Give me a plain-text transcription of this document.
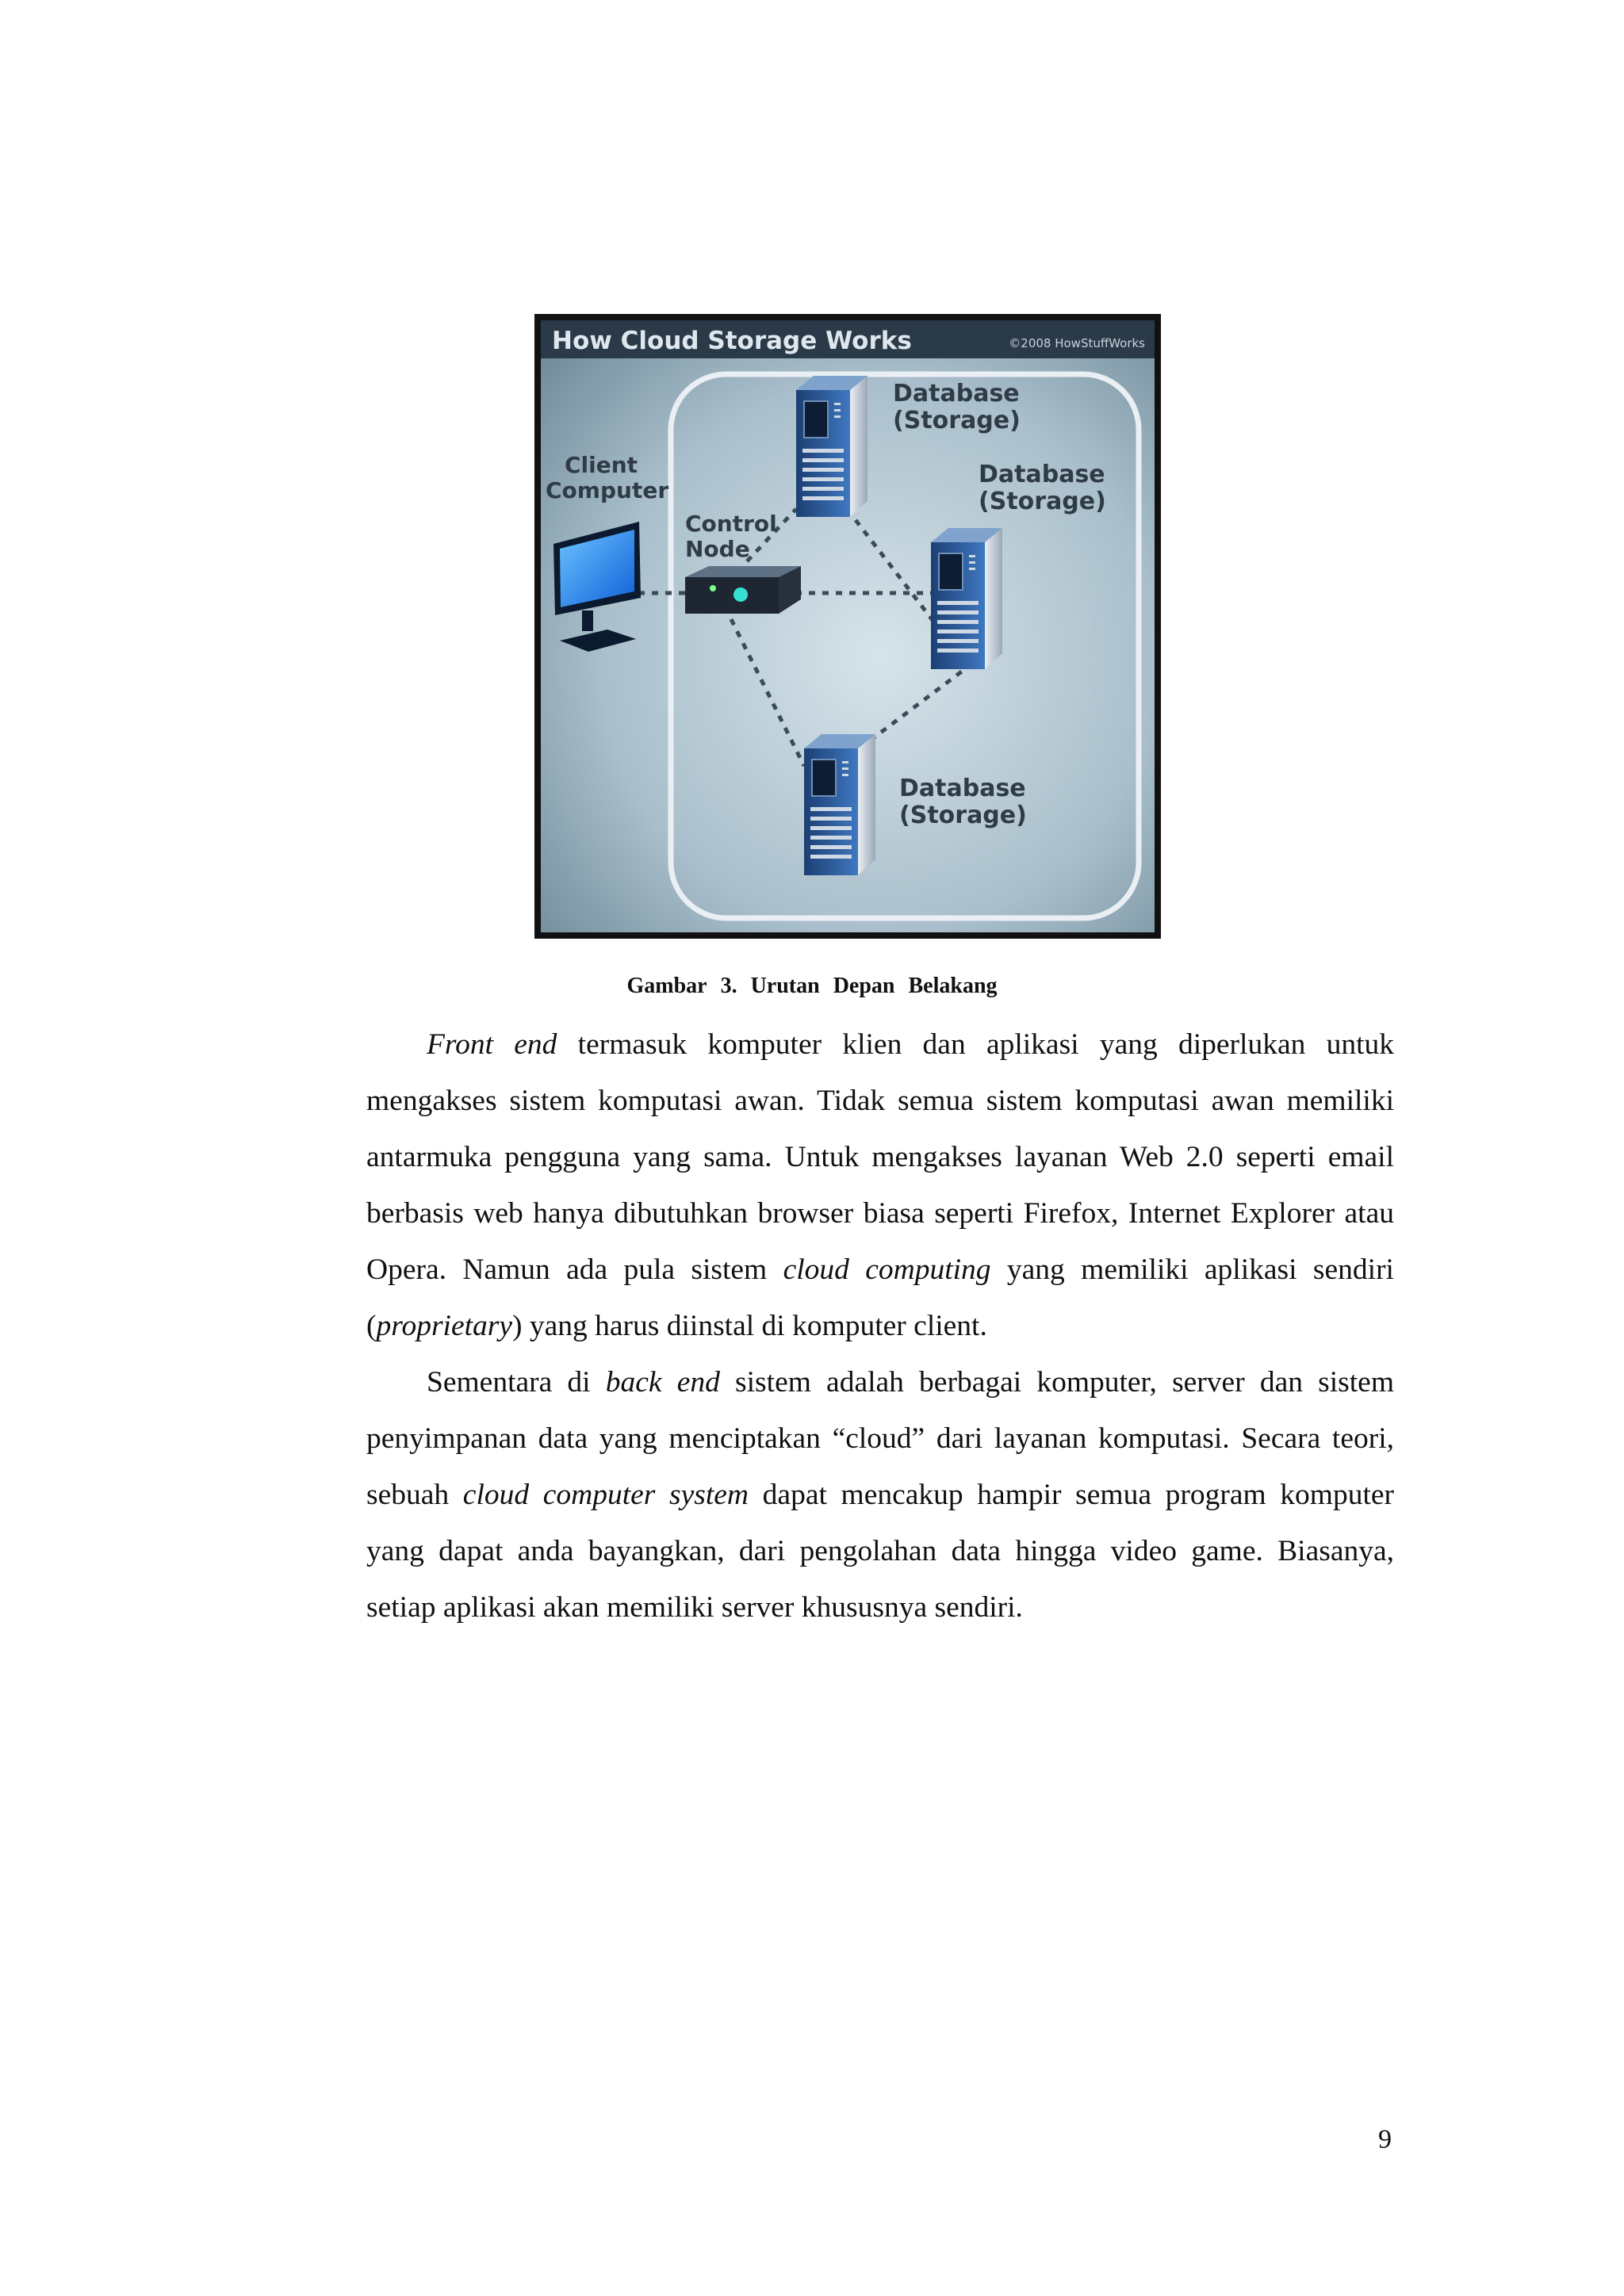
How Cloud Storage Works	©2008 HowStuffWorks
Client
Computer
Control
Node
Database
(Storage)
Database
(Storage)
Database
(Storage)
Gambar 3. Urutan Depan Belakang

Front end termasuk komputer klien dan aplikasi yang diperlukan untuk mengakses sistem komputasi awan. Tidak semua sistem komputasi awan memiliki antarmuka pengguna yang sama. Untuk mengakses layanan Web 2.0 seperti email berbasis web hanya dibutuhkan browser biasa seperti Firefox, Internet Explorer atau Opera. Namun ada pula sistem cloud computing yang memiliki aplikasi sendiri (proprietary) yang harus diinstal di komputer client.

Sementara di back end sistem adalah berbagai komputer, server dan sistem penyimpanan data yang menciptakan “cloud” dari layanan komputasi. Secara teori, sebuah cloud computer system dapat mencakup hampir semua program komputer yang dapat anda bayangkan, dari pengolahan data hingga video game. Biasanya, setiap aplikasi akan memiliki server khususnya sendiri.

9
